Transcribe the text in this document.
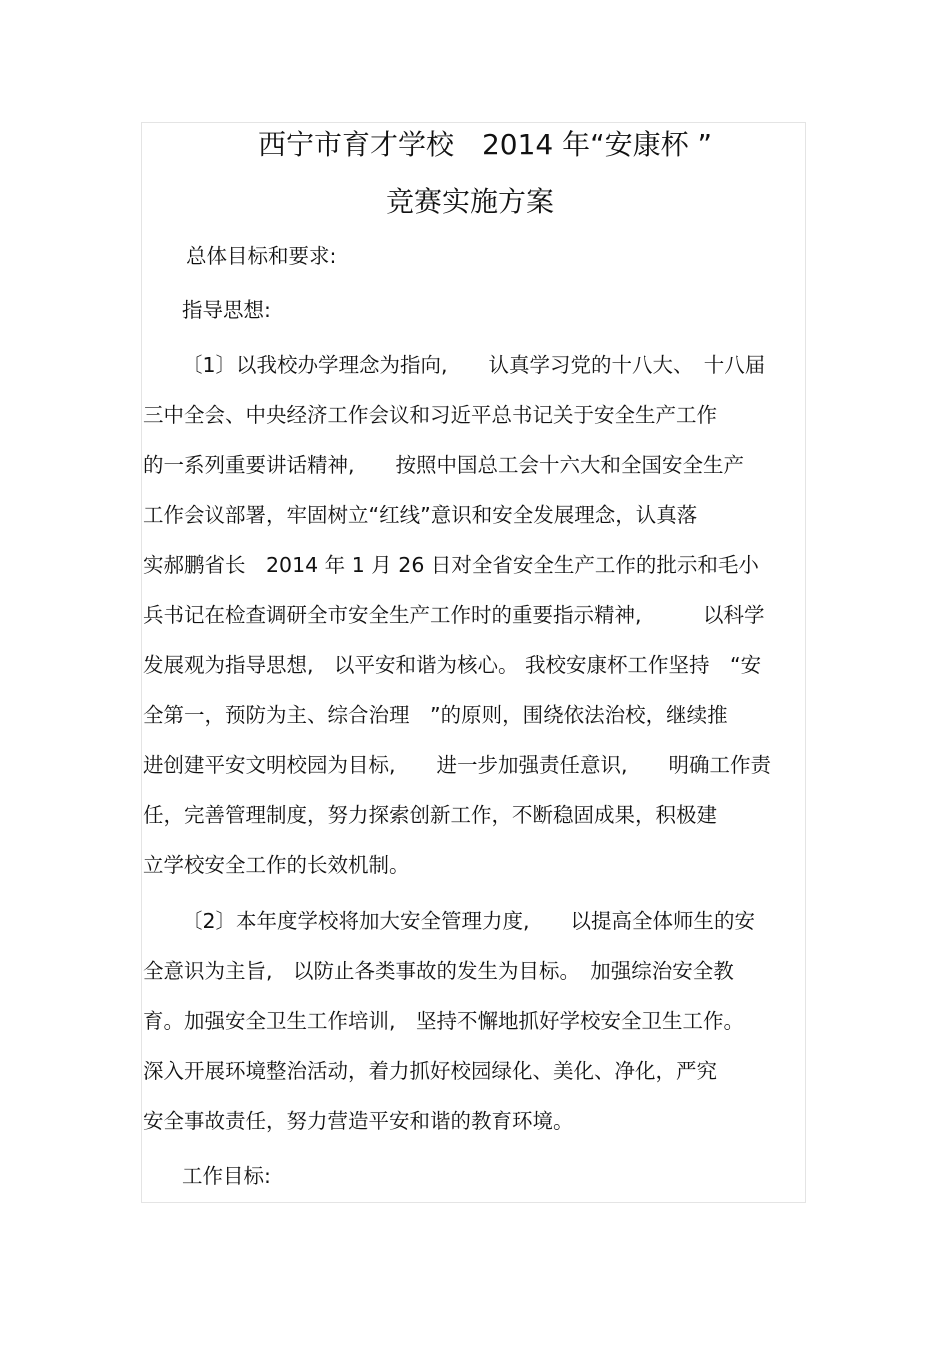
西宁市育才学校　2014 年“安康杯 ”
竞赛实施方案
总体目标和要求:
指导思想:
〔1〕以我校办学理念为指向,　　认真学习党的十八大、　十八届
三中全会、中央经济工作会议和习近平总书记关于安全生产工作
的一系列重要讲话精神,　　按照中国总工会十六大和全国安全生产
工作会议部署，牢固树立“红线”意识和安全发展理念，认真落
实郝鹏省长　2014 年 1 月 26 日对全省安全生产工作的批示和毛小
兵书记在检查调研全市安全生产工作时的重要指示精神,　　　以科学
发展观为指导思想,　以平安和谐为核心。 我校安康杯工作坚持　“安
全第一，预防为主、综合治理　”的原则，围绕依法治校，继续推
进创建平安文明校园为目标,　　进一步加强责任意识,　　明确工作责
任，完善管理制度，努力探索创新工作，不断稳固成果，积极建
立学校安全工作的长效机制。
〔2〕本年度学校将加大安全管理力度,　　以提高全体师生的安
全意识为主旨,　以防止各类事故的发生为目标。　加强综治安全教
育。加强安全卫生工作培训,　坚持不懈地抓好学校安全卫生工作。
深入开展环境整治活动，着力抓好校园绿化、美化、净化，严究
安全事故责任，努力营造平安和谐的教育环境。
工作目标:
